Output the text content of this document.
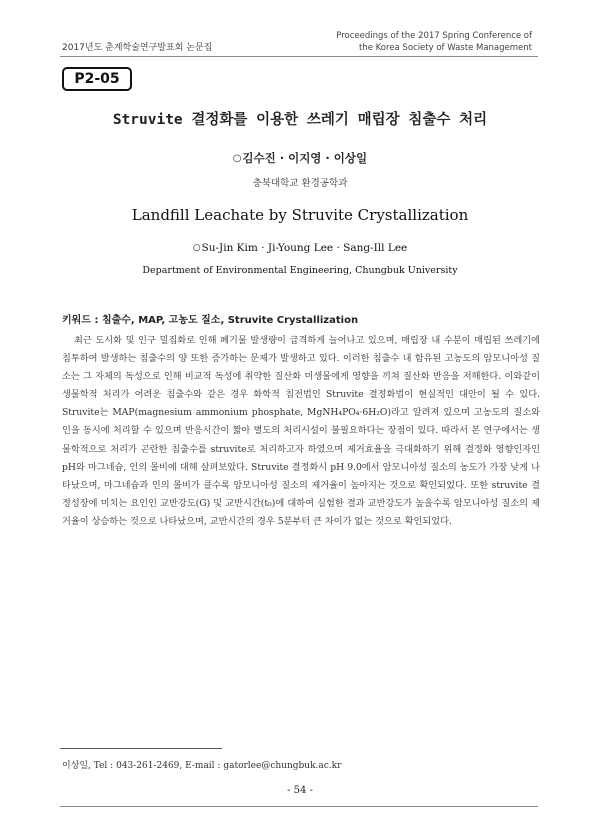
2017년도 춘계학술연구발표회 논문집
Proceedings of the 2017 Spring Conference of
the Korea Society of Waste Management
P2-05
Struvite 결정화를 이용한 쓰레기 매립장 침출수 처리
○김수진 · 이지영 · 이상일
충북대학교 환경공학과
Landfill Leachate by Struvite Crystallization
○Su-Jin Kim · Ji-Young Lee · Sang-Ill Lee
Department of Environmental Engineering, Chungbuk University
키워드 : 침출수, MAP, 고농도 질소, Struvite Crystallization

최근 도시화 및 인구 밀집화로 인해 폐기물 발생량이 급격하게 늘어나고 있으며, 매립장 내 수분이 매립된 쓰레기에 침투하여 발생하는 침출수의 양 또한 증가하는 문제가 발생하고 있다. 이러한 침출수 내 함유된 고농도의 암모니아성 질소는 그 자체의 독성으로 인해 비교적 독성에 취약한 질산화 미생물에게 영향을 끼쳐 질산화 반응을 저해한다. 이와같이 생물학적 처리가 어려운 침출수와 같은 경우 화학적 침전법인 Struvite 결정화법이 현실적인 대안이 될 수 있다. Struvite는 MAP(magnesium ammonium phosphate, MgNH₄PO₄·6H₂O)라고 알려져 있으며 고농도의 질소와 인을 동시에 처리할 수 있으며 반응시간이 짧아 별도의 처리시설이 불필요하다는 장점이 있다. 따라서 본 연구에서는 생물학적으로 처리가 곤란한 침출수를 struvite로 처리하고자 하였으며 제거효율을 극대화하기 위해 결정화 영향인자인 pH와 마그네슘, 인의 몰비에 대해 살펴보았다. Struvite 결정화시 pH 9.0에서 암모니아성 질소의 농도가 가장 낮게 나타났으며, 마그네슘과 인의 몰비가 클수록 암모니아성 질소의 제거율이 높아지는 것으로 확인되었다. 또한 struvite 결정성장에 미치는 요인인 교반강도(G) 및 교반시간(t₀)에 대하여 실험한 결과 교반강도가 높을수록 암모니아성 질소의 제거율이 상승하는 것으로 나타났으며, 교반시간의 경우 5분부터 큰 차이가 없는 것으로 확인되었다.

이상일, Tel : 043-261-2469, E-mail : gatorlee@chungbuk.ac.kr
- 54 -
